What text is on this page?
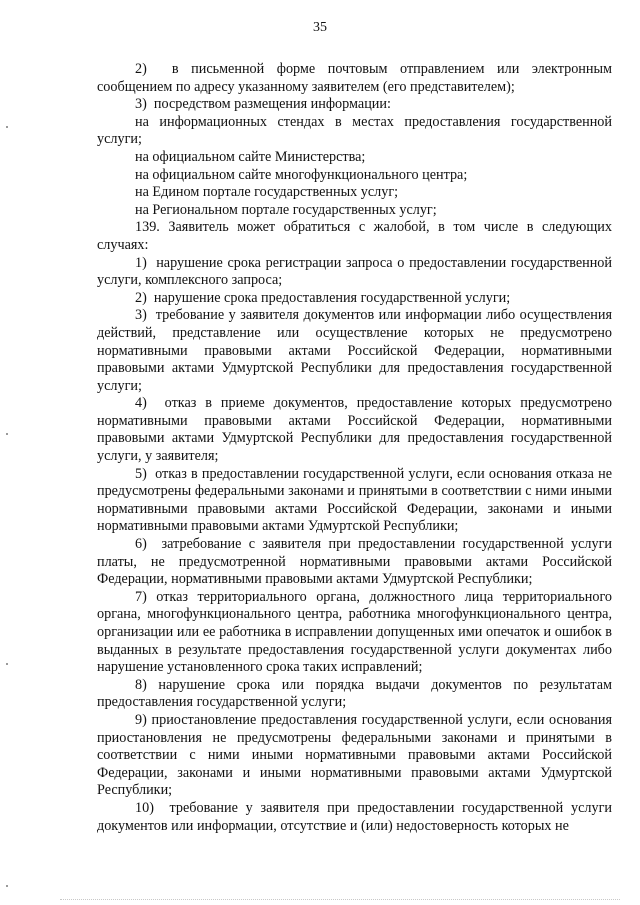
35

2)  в письменной форме почтовым отправлением или электронным сообщением по адресу указанному заявителем (его представителем);

3)  посредством размещения информации:

на информационных стендах в местах предоставления государственной услуги;

на официальном сайте Министерства;

на официальном сайте многофункционального центра;

на Едином портале государственных услуг;

на Региональном портале государственных услуг;

139. Заявитель может обратиться с жалобой, в том числе в следующих случаях:

1)  нарушение срока регистрации запроса о предоставлении государственной услуги, комплексного запроса;

2)  нарушение срока предоставления государственной услуги;

3)  требование у заявителя документов или информации либо осуществления действий, представление или осуществление которых не предусмотрено нормативными правовыми актами Российской Федерации, нормативными правовыми актами Удмуртской Республики для предоставления государственной услуги;

4)  отказ в приеме документов, предоставление которых предусмотрено нормативными правовыми актами Российской Федерации, нормативными правовыми актами Удмуртской Республики для предоставления государственной услуги, у заявителя;

5)  отказ в предоставлении государственной услуги, если основания отказа не предусмотрены федеральными законами и принятыми в соответствии с ними иными нормативными правовыми актами Российской Федерации, законами и иными нормативными правовыми актами Удмуртской Республики;

6)  затребование с заявителя при предоставлении государственной услуги платы, не предусмотренной нормативными правовыми актами Российской Федерации, нормативными правовыми актами Удмуртской Республики;

7) отказ территориального органа, должностного лица территориального органа, многофункционального центра, работника многофункционального центра, организации или ее работника в исправлении допущенных ими опечаток и ошибок в выданных в результате предоставления государственной услуги документах либо нарушение установленного срока таких исправлений;

8) нарушение срока или порядка выдачи документов по результатам предоставления государственной услуги;

9) приостановление предоставления государственной услуги, если основания приостановления не предусмотрены федеральными законами и принятыми в соответствии с ними иными нормативными правовыми актами Российской Федерации, законами и иными нормативными правовыми актами Удмуртской Республики;

10)  требование у заявителя при предоставлении государственной услуги документов или информации, отсутствие и (или) недостоверность которых не
